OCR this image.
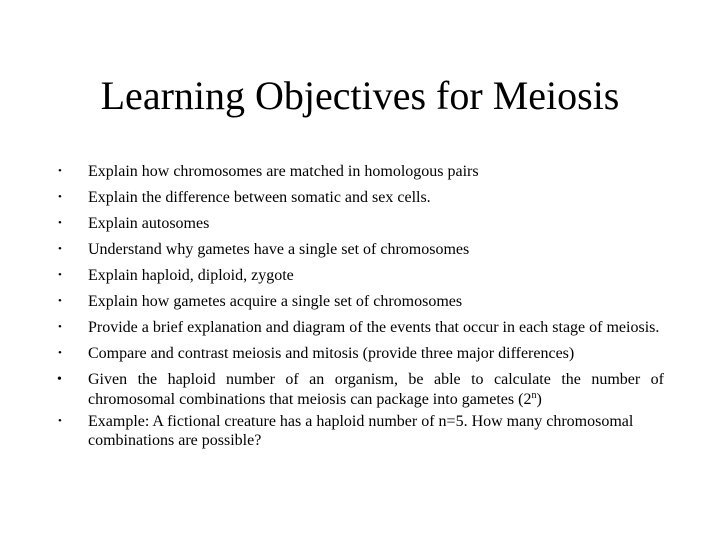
Learning Objectives for Meiosis
• Explain how chromosomes are matched in homologous pairs
• Explain the difference between somatic and sex cells.
• Explain autosomes
• Understand why gametes have a single set of chromosomes
• Explain haploid, diploid, zygote
• Explain how gametes acquire a single set of chromosomes
• Provide a brief explanation and diagram of the events that occur in each stage of meiosis.
• Compare and contrast meiosis and mitosis (provide three major differences)
• Given the haploid number of an organism, be able to calculate the number of chromosomal combinations that meiosis can package into gametes (2$^n$)
• Example: A fictional creature has a haploid number of n=5. How many chromosomal combinations are possible?
